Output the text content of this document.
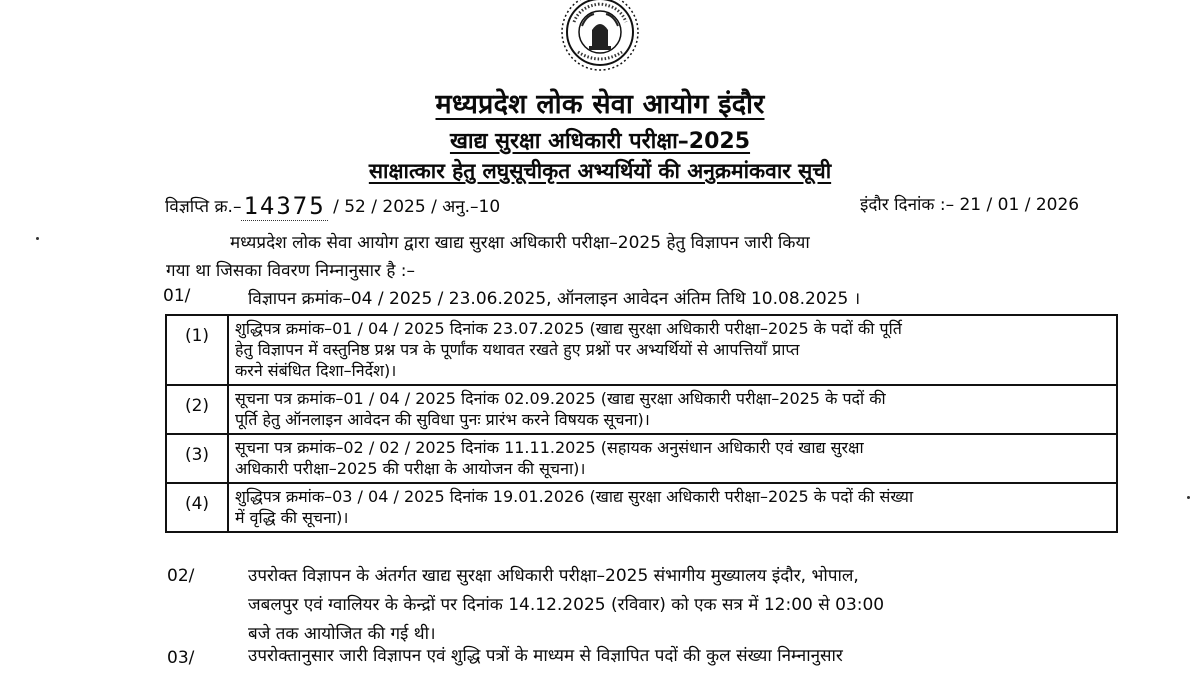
मध्यप्रदेश लोक सेवा आयोग इंदौर
खाद्य सुरक्षा अधिकारी परीक्षा–2025
साक्षात्कार हेतु लघुसूचीकृत अभ्यर्थियों की अनुक्रमांकवार सूची
विज्ञप्ति क्र.–14375 / 52 / 2025 / अनु.–10	इंदौर दिनांक :– 21 / 01 / 2026
मध्यप्रदेश लोक सेवा आयोग द्वारा खाद्य सुरक्षा अधिकारी परीक्षा–2025 हेतु विज्ञापन जारी किया
गया था जिसका विवरण निम्नानुसार है :–
01/	विज्ञापन क्रमांक–04 / 2025 / 23.06.2025, ऑनलाइन आवेदन अंतिम तिथि 10.08.2025 ।
(1)	शुद्धिपत्र क्रमांक–01 / 04 / 2025 दिनांक 23.07.2025 (खाद्य सुरक्षा अधिकारी परीक्षा–2025 के पदों की पूर्ति
हेतु विज्ञापन में वस्तुनिष्ठ प्रश्न पत्र के पूर्णांक यथावत रखते हुए प्रश्नों पर अभ्यर्थियों से आपत्तियाँ प्राप्त
करने संबंधित दिशा–निर्देश)।

(2)	सूचना पत्र क्रमांक–01 / 04 / 2025 दिनांक 02.09.2025 (खाद्य सुरक्षा अधिकारी परीक्षा–2025 के पदों की
पूर्ति हेतु ऑनलाइन आवेदन की सुविधा पुनः प्रारंभ करने विषयक सूचना)।

(3)	सूचना पत्र क्रमांक–02 / 02 / 2025 दिनांक 11.11.2025 (सहायक अनुसंधान अधिकारी एवं खाद्य सुरक्षा
अधिकारी परीक्षा–2025 की परीक्षा के आयोजन की सूचना)।

(4)	शुद्धिपत्र क्रमांक–03 / 04 / 2025 दिनांक 19.01.2026 (खाद्य सुरक्षा अधिकारी परीक्षा–2025 के पदों की संख्या
में वृद्धि की सूचना)।
02/	उपरोक्त विज्ञापन के अंतर्गत खाद्य सुरक्षा अधिकारी परीक्षा–2025 संभागीय मुख्यालय इंदौर, भोपाल,
जबलपुर एवं ग्वालियर के केन्द्रों पर दिनांक 14.12.2025 (रविवार) को एक सत्र में 12:00 से 03:00
बजे तक आयोजित की गई थी।
03/	उपरोक्तानुसार जारी विज्ञापन एवं शुद्धि पत्रों के माध्यम से विज्ञापित पदों की कुल संख्या निम्नानुसार
